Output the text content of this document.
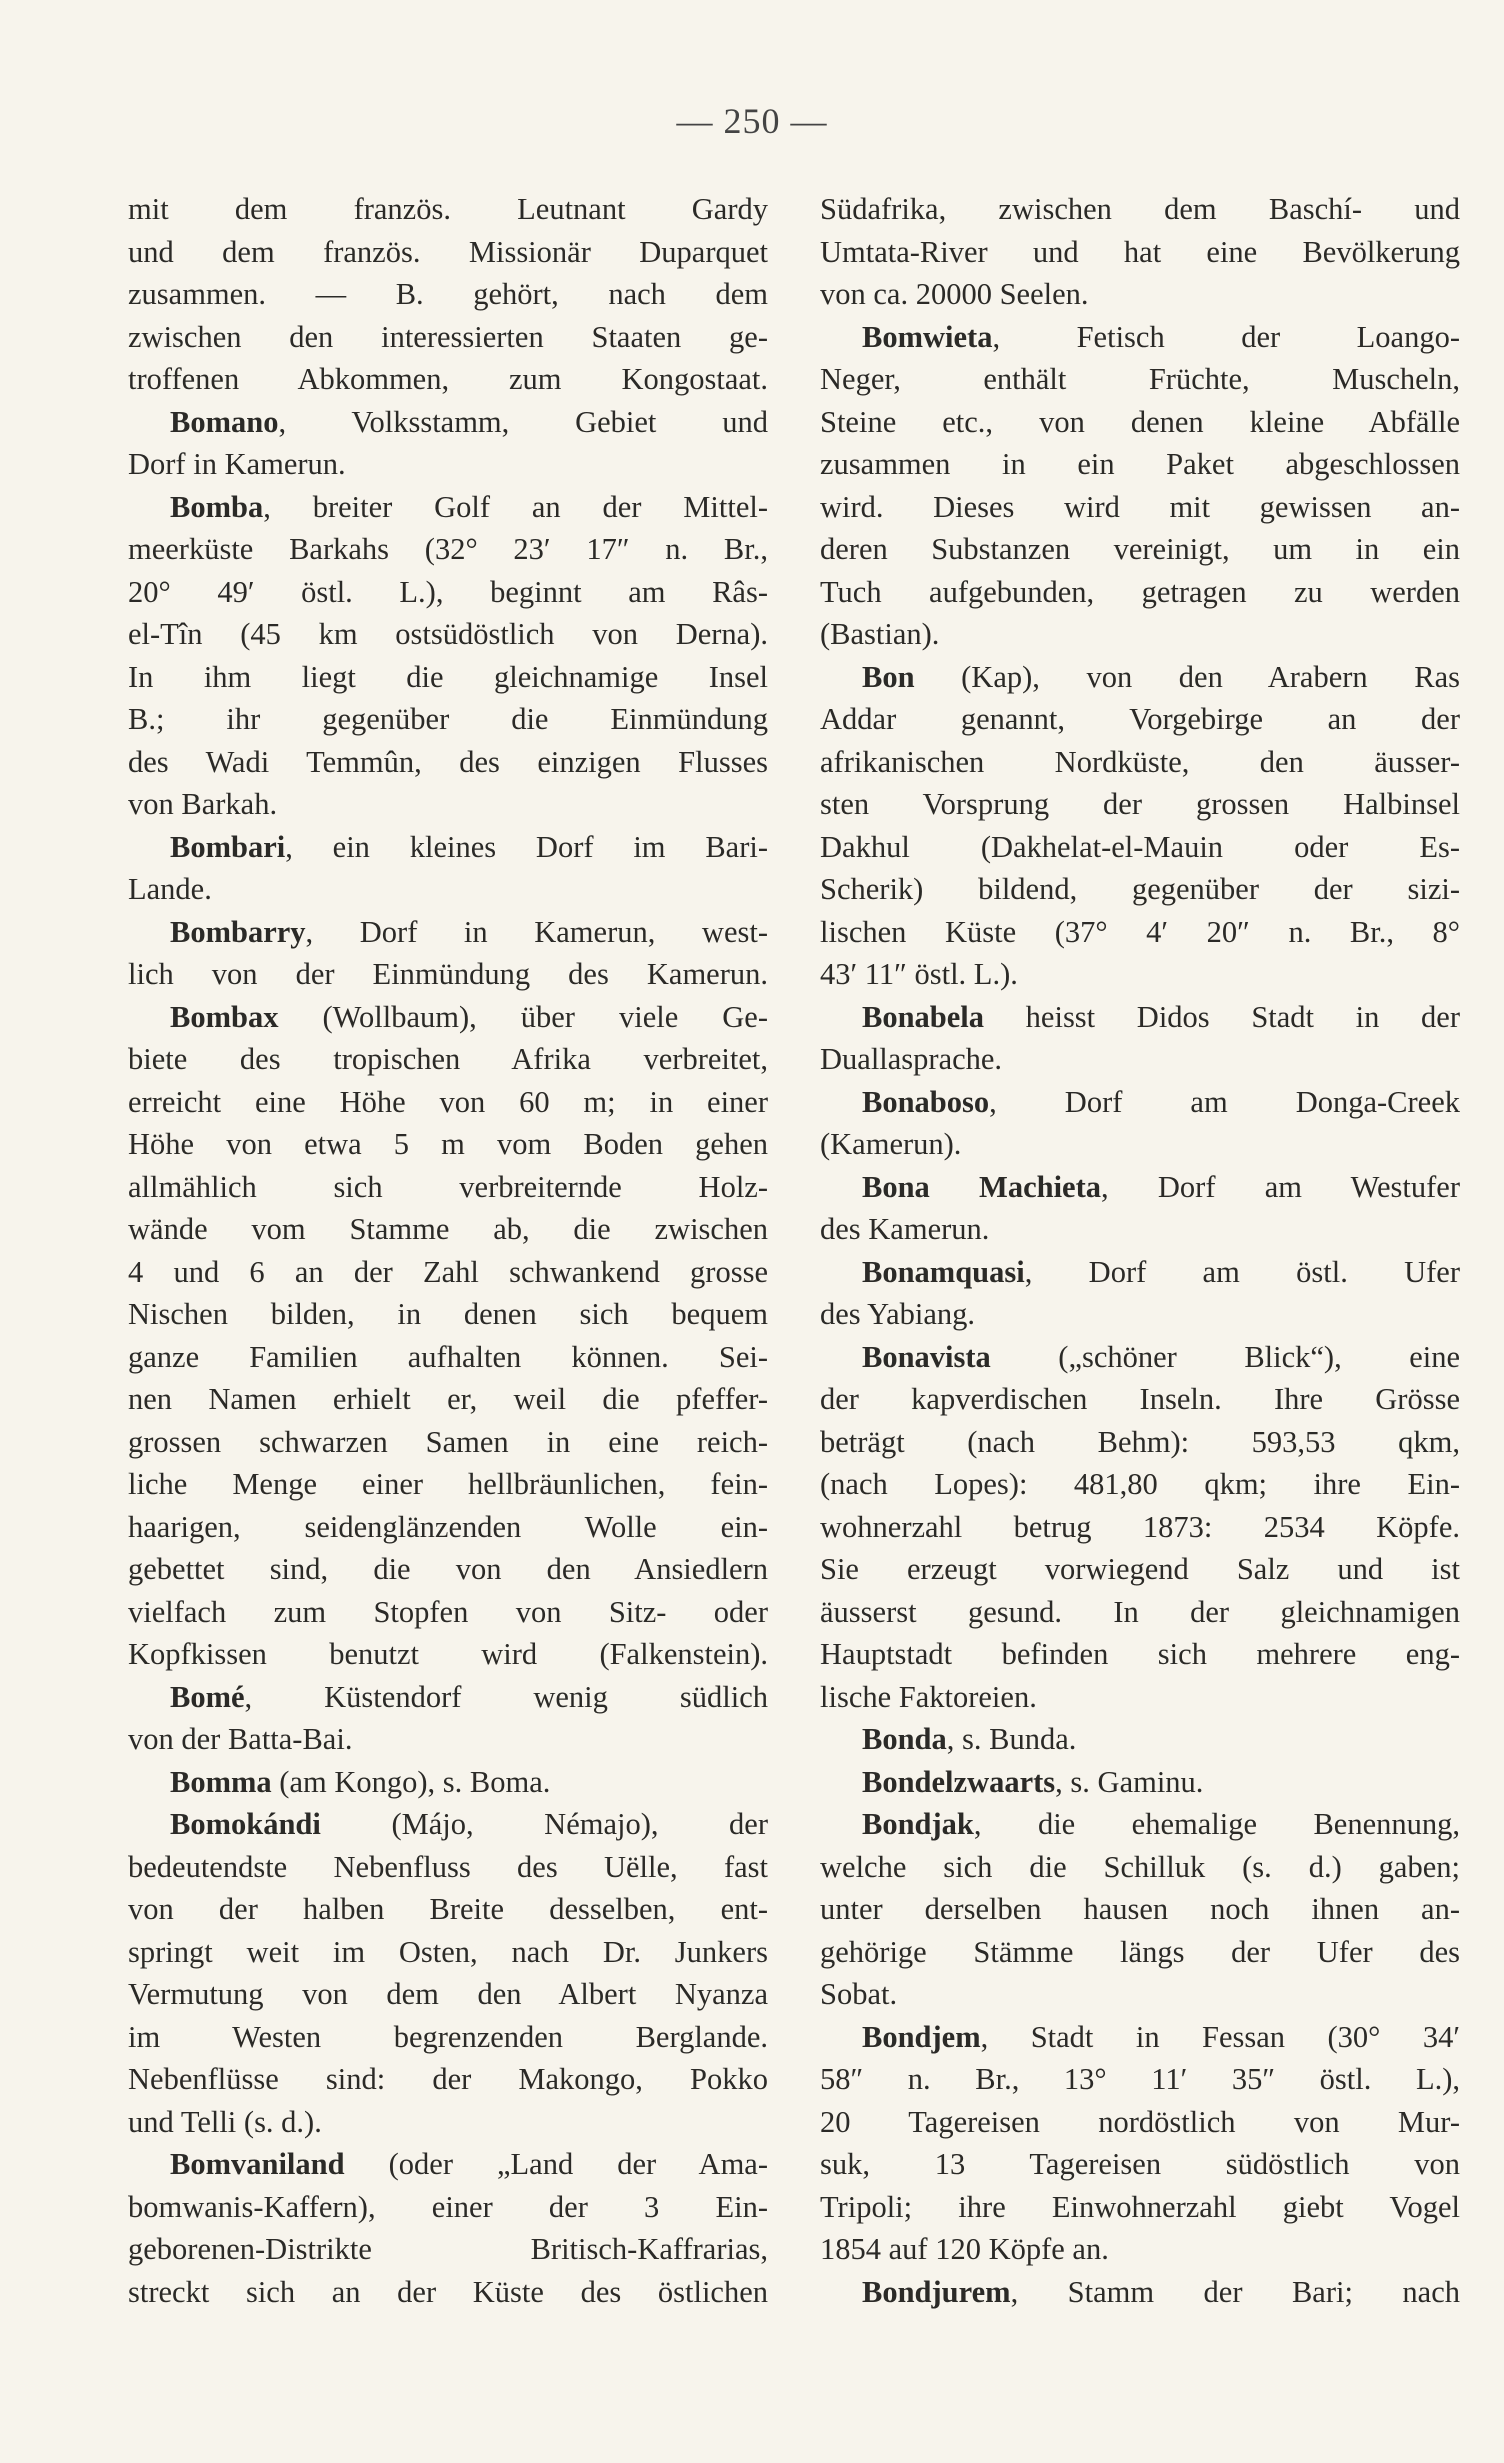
— 250 —
mit dem französ. Leutnant Gardy
und dem französ. Missionär Duparquet
zusammen. — B. gehört, nach dem
zwischen den interessierten Staaten ge-
troffenen Abkommen, zum Kongostaat.
Bomano, Volksstamm, Gebiet und
Dorf in Kamerun.
Bomba, breiter Golf an der Mittel-
meerküste Barkahs (32° 23′ 17″ n. Br.,
20° 49′ östl. L.), beginnt am Râs-
el-Tîn (45 km ostsüdöstlich von Derna).
In ihm liegt die gleichnamige Insel
B.; ihr gegenüber die Einmündung
des Wadi Temmûn, des einzigen Flusses
von Barkah.
Bombari, ein kleines Dorf im Bari-
Lande.
Bombarry, Dorf in Kamerun, west-
lich von der Einmündung des Kamerun.
Bombax (Wollbaum), über viele Ge-
biete des tropischen Afrika verbreitet,
erreicht eine Höhe von 60 m; in einer
Höhe von etwa 5 m vom Boden gehen
allmählich sich verbreiternde Holz-
wände vom Stamme ab, die zwischen
4 und 6 an der Zahl schwankend grosse
Nischen bilden, in denen sich bequem
ganze Familien aufhalten können. Sei-
nen Namen erhielt er, weil die pfeffer-
grossen schwarzen Samen in eine reich-
liche Menge einer hellbräunlichen, fein-
haarigen, seidenglänzenden Wolle ein-
gebettet sind, die von den Ansiedlern
vielfach zum Stopfen von Sitz- oder
Kopfkissen benutzt wird (Falkenstein).
Bomé, Küstendorf wenig südlich
von der Batta-Bai.
Bomma (am Kongo), s. Boma.
Bomokándi (Májo, Némajo), der
bedeutendste Nebenfluss des Uëlle, fast
von der halben Breite desselben, ent-
springt weit im Osten, nach Dr. Junkers
Vermutung von dem den Albert Nyanza
im Westen begrenzenden Berglande.
Nebenflüsse sind: der Makongo, Pokko
und Telli (s. d.).
Bomvaniland (oder „Land der Ama-
bomwanis-Kaffern), einer der 3 Ein-
geborenen-Distrikte Britisch-Kaffrarias,
streckt sich an der Küste des östlichen
Südafrika, zwischen dem Baschí- und
Umtata-River und hat eine Bevölkerung
von ca. 20000 Seelen.
Bomwieta, Fetisch der Loango-
Neger, enthält Früchte, Muscheln,
Steine etc., von denen kleine Abfälle
zusammen in ein Paket abgeschlossen
wird. Dieses wird mit gewissen an-
deren Substanzen vereinigt, um in ein
Tuch aufgebunden, getragen zu werden
(Bastian).
Bon (Kap), von den Arabern Ras
Addar genannt, Vorgebirge an der
afrikanischen Nordküste, den äusser-
sten Vorsprung der grossen Halbinsel
Dakhul (Dakhelat-el-Mauin oder Es-
Scherik) bildend, gegenüber der sizi-
lischen Küste (37° 4′ 20″ n. Br., 8°
43′ 11″ östl. L.).
Bonabela heisst Didos Stadt in der
Duallasprache.
Bonaboso, Dorf am Donga-Creek
(Kamerun).
Bona Machieta, Dorf am Westufer
des Kamerun.
Bonamquasi, Dorf am östl. Ufer
des Yabiang.
Bonavista („schöner Blick“), eine
der kapverdischen Inseln. Ihre Grösse
beträgt (nach Behm): 593,53 qkm,
(nach Lopes): 481,80 qkm; ihre Ein-
wohnerzahl betrug 1873: 2534 Köpfe.
Sie erzeugt vorwiegend Salz und ist
äusserst gesund. In der gleichnamigen
Hauptstadt befinden sich mehrere eng-
lische Faktoreien.
Bonda, s. Bunda.
Bondelzwaarts, s. Gaminu.
Bondjak, die ehemalige Benennung,
welche sich die Schilluk (s. d.) gaben;
unter derselben hausen noch ihnen an-
gehörige Stämme längs der Ufer des
Sobat.
Bondjem, Stadt in Fessan (30° 34′
58″ n. Br., 13° 11′ 35″ östl. L.),
20 Tagereisen nordöstlich von Mur-
suk, 13 Tagereisen südöstlich von
Tripoli; ihre Einwohnerzahl giebt Vogel
1854 auf 120 Köpfe an.
Bondjurem, Stamm der Bari; nach
